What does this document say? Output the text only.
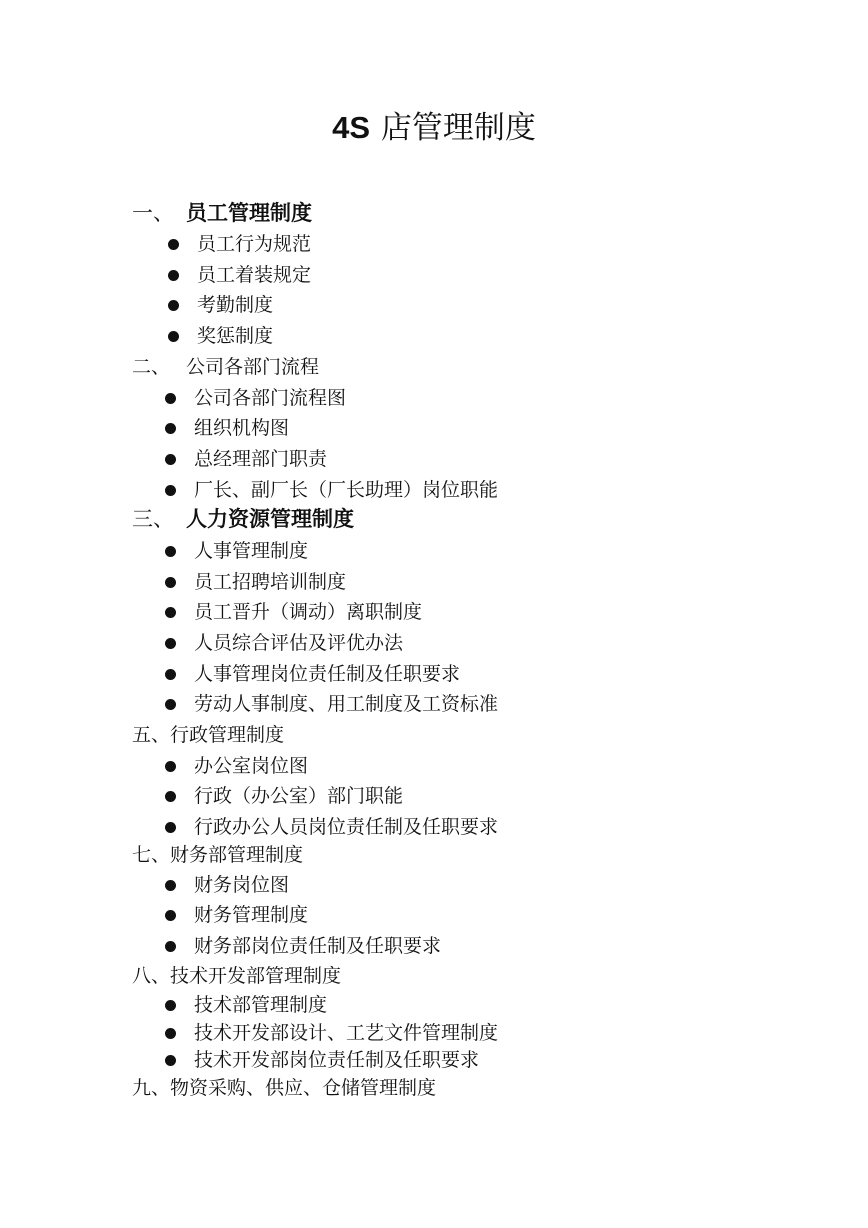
4S 店管理制度
一、 员工管理制度
员工行为规范
员工着装规定
考勤制度
奖惩制度
二、 公司各部门流程
公司各部门流程图
组织机构图
总经理部门职责
厂长、副厂长（厂长助理）岗位职能
三、 人力资源管理制度
人事管理制度
员工招聘培训制度
员工晋升（调动）离职制度
人员综合评估及评优办法
人事管理岗位责任制及任职要求
劳动人事制度、用工制度及工资标准
五、行政管理制度
办公室岗位图
行政（办公室）部门职能
行政办公人员岗位责任制及任职要求
七、财务部管理制度
财务岗位图
财务管理制度
财务部岗位责任制及任职要求
八、技术开发部管理制度
技术部管理制度
技术开发部设计、工艺文件管理制度
技术开发部岗位责任制及任职要求
九、物资采购、供应、仓储管理制度
